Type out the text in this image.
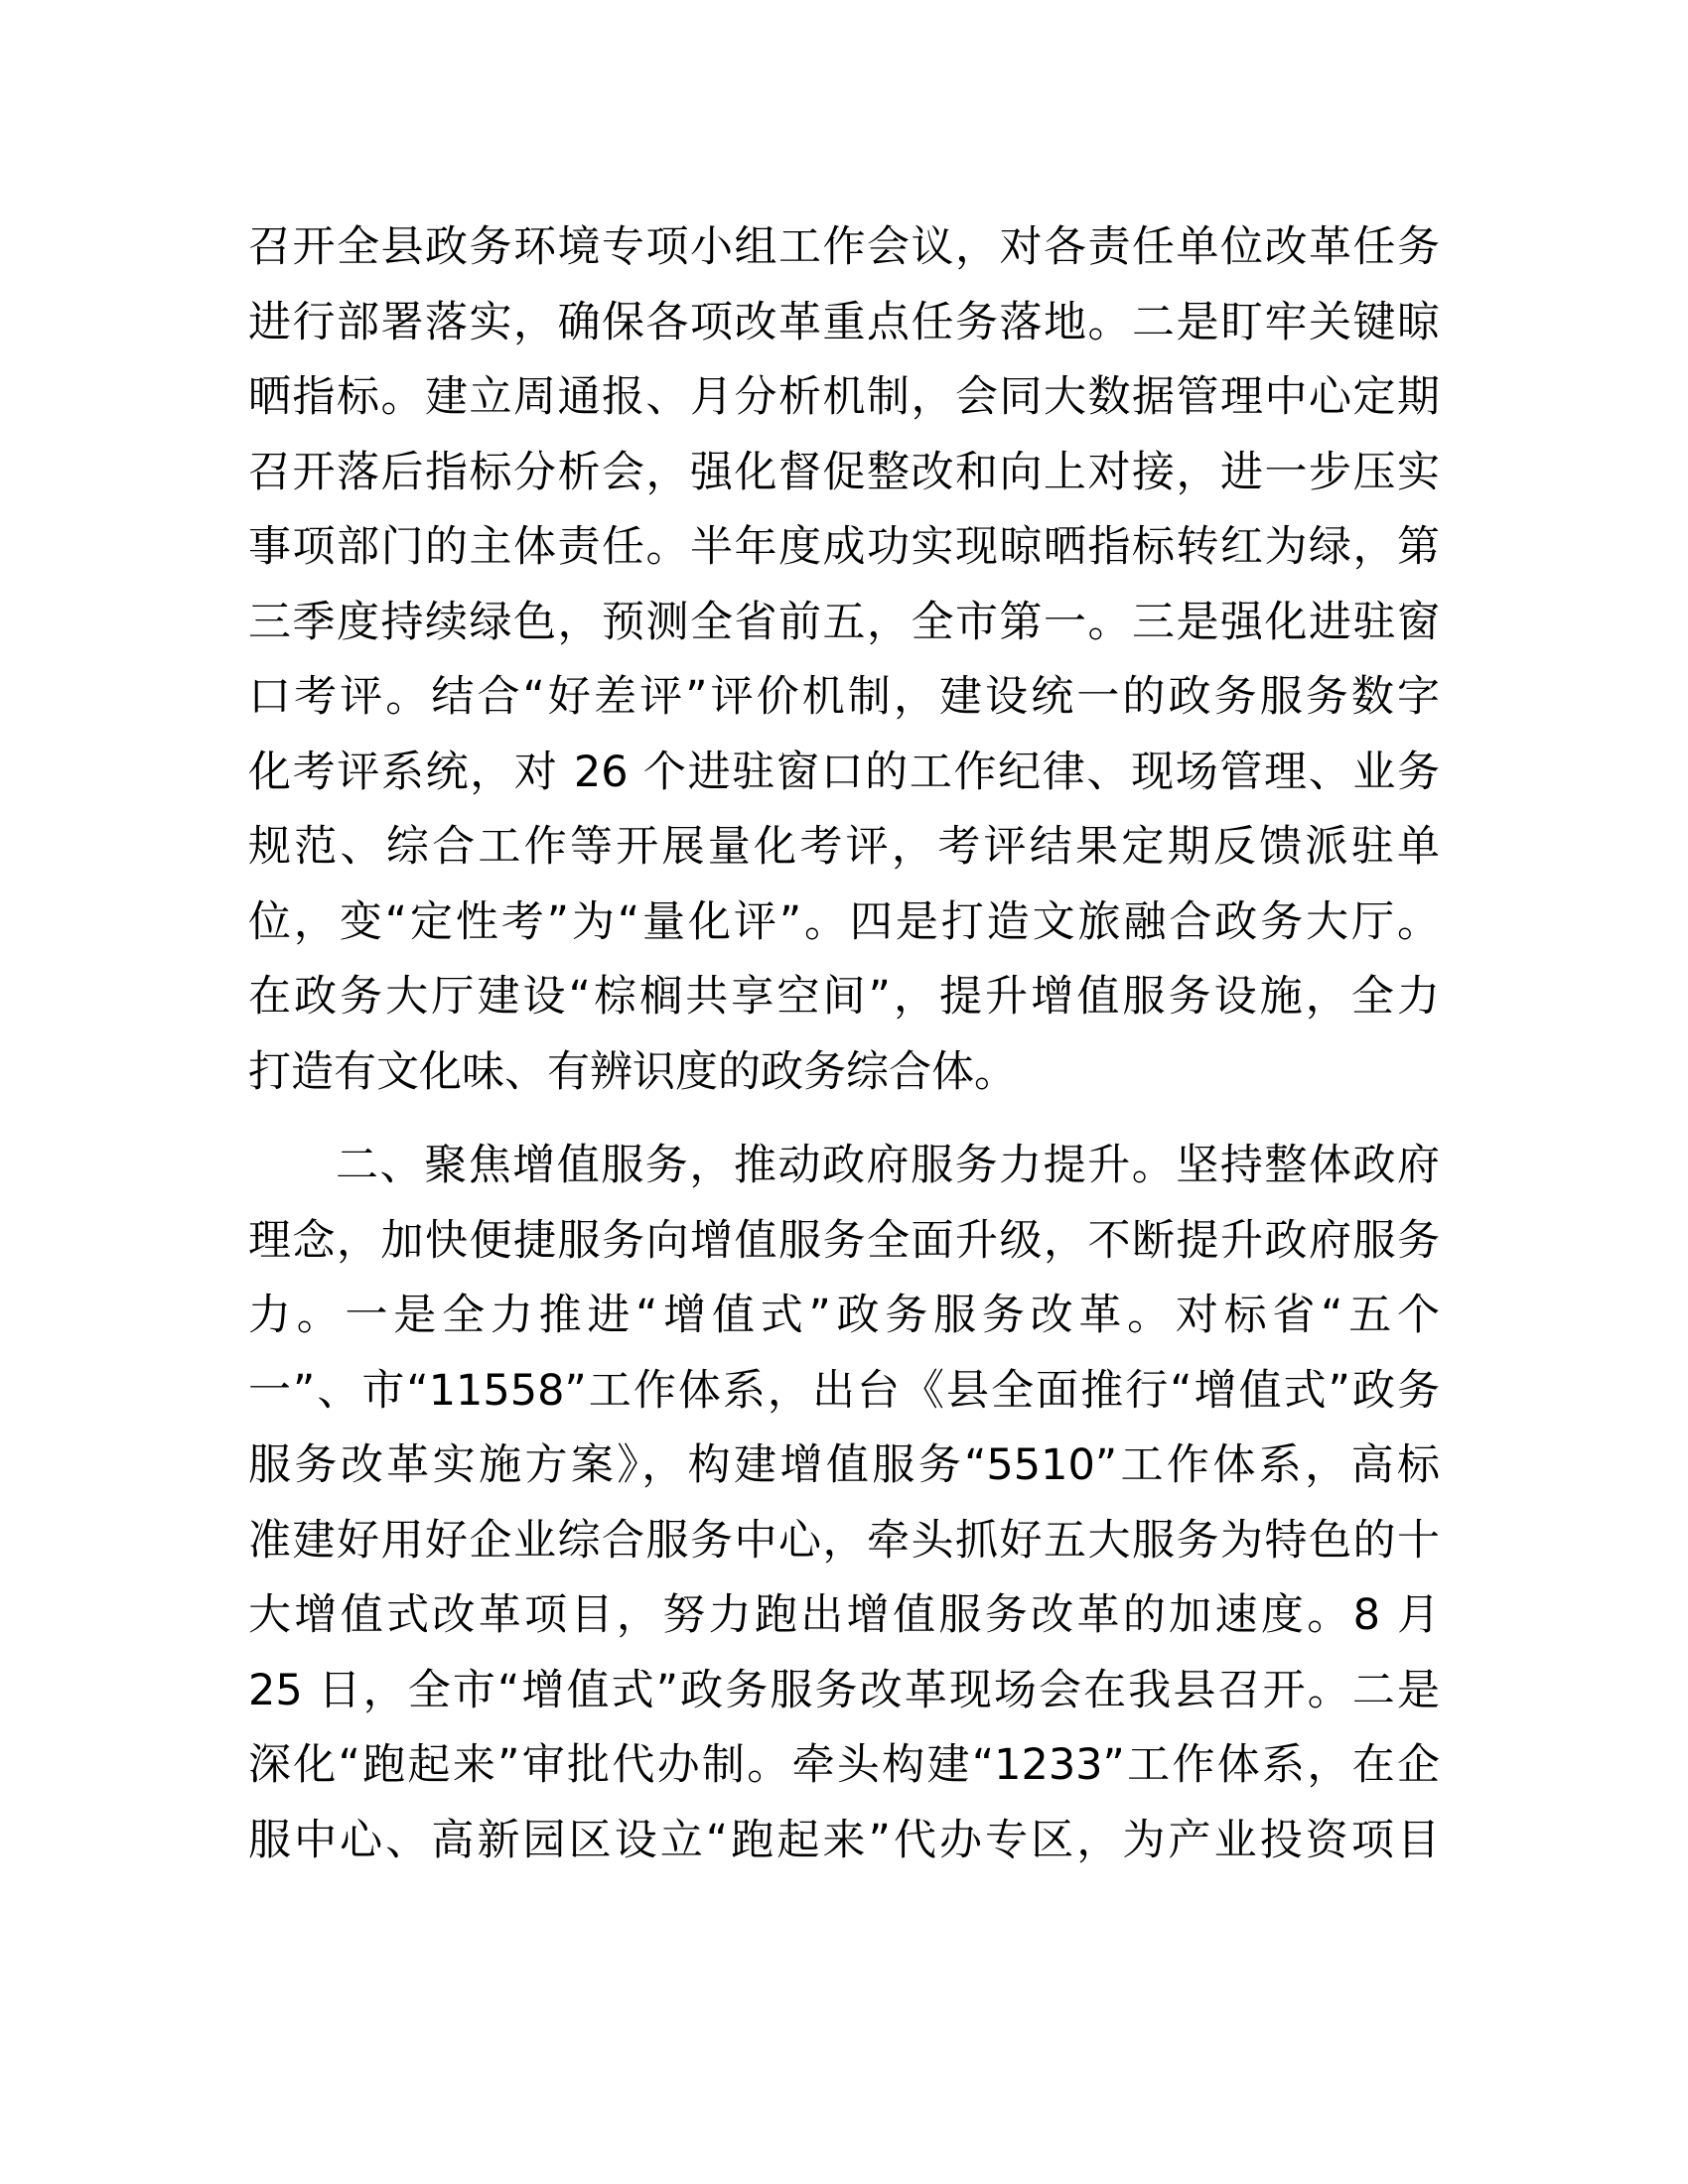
召开全县政务环境专项小组工作会议，对各责任单位改革任务
进行部署落实，确保各项改革重点任务落地。二是盯牢关键晾
晒指标。建立周通报、月分析机制，会同大数据管理中心定期
召开落后指标分析会，强化督促整改和向上对接，进一步压实
事项部门的主体责任。半年度成功实现晾晒指标转红为绿，第
三季度持续绿色，预测全省前五，全市第一。三是强化进驻窗
口考评。结合“好差评”评价机制，建设统一的政务服务数字
化考评系统，对 26 个进驻窗口的工作纪律、现场管理、业务
规范、综合工作等开展量化考评，考评结果定期反馈派驻单
位，变“定性考”为“量化评”。四是打造文旅融合政务大厅。
在政务大厅建设“棕榈共享空间”，提升增值服务设施，全力
打造有文化味、有辨识度的政务综合体。

二、聚焦增值服务，推动政府服务力提升。坚持整体政府
理念，加快便捷服务向增值服务全面升级，不断提升政府服务
力。一是全力推进“增值式”政务服务改革。对标省“五个
一”、市“11558”工作体系，出台《县全面推行“增值式”政务
服务改革实施方案》，构建增值服务“5510”工作体系，高标
准建好用好企业综合服务中心，牵头抓好五大服务为特色的十
大增值式改革项目，努力跑出增值服务改革的加速度。8 月
25 日，全市“增值式”政务服务改革现场会在我县召开。二是
深化“跑起来”审批代办制。牵头构建“1233”工作体系，在企
服中心、高新园区设立“跑起来”代办专区，为产业投资项目
